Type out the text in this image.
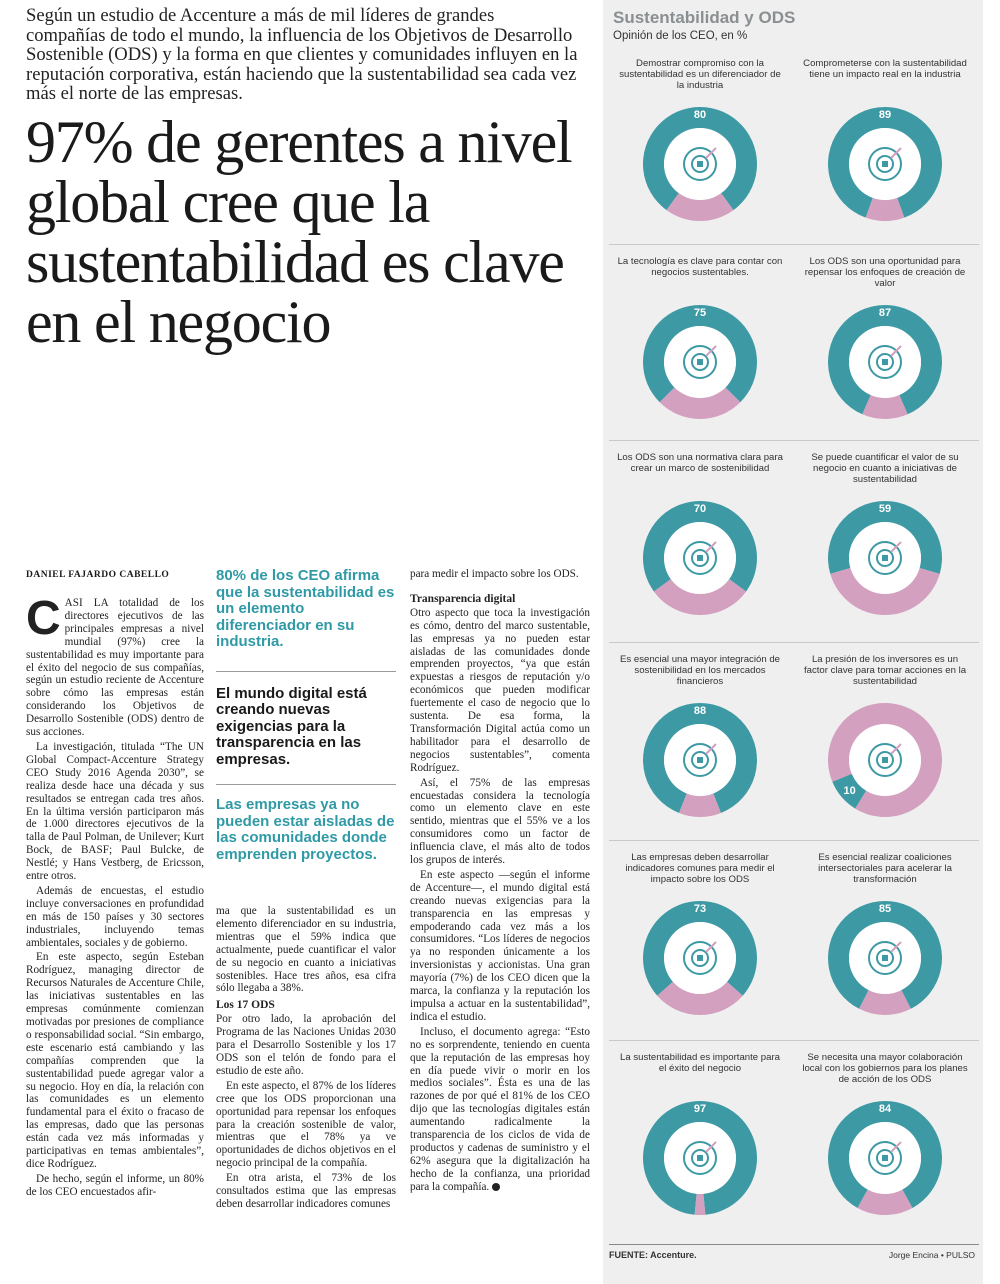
Según un estudio de Accenture a más de mil líderes de grandes compañías de todo el mundo, la influencia de los Objetivos de Desarrollo Sostenible (ODS) y la forma en que clientes y comunidades influyen en la reputación corporativa, están haciendo que la sustentabilidad sea cada vez más el norte de las empresas.
97% de gerentes a nivel global cree que la sustentabilidad es clave en el negocio
DANIEL FAJARDO CABELLO
C ASI LA totalidad de los directores ejecutivos de las principales empresas a nivel mundial (97%) cree la sustentabilidad es muy importante para el éxito del negocio de sus compañías, según un estudio reciente de Accenture sobre cómo las empresas están considerando los Objetivos de Desarrollo Sostenible (ODS) dentro de sus acciones.

La investigación, titulada “The UN Global Compact-Accenture Strategy CEO Study 2016 Agenda 2030”, se realiza desde hace una década y sus resultados se entregan cada tres años. En la última versión participaron más de 1.000 directores ejecutivos de la talla de Paul Polman, de Unilever; Kurt Bock, de BASF; Paul Bulcke, de Nestlé; y Hans Vestberg, de Ericsson, entre otros.

Además de encuestas, el estudio incluye conversaciones en profundidad en más de 150 países y 30 sectores industriales, incluyendo temas ambientales, sociales y de gobierno.

En este aspecto, según Esteban Rodríguez, managing director de Recursos Naturales de Accenture Chile, las iniciativas sustentables en las empresas comúnmente comienzan motivadas por presiones de compliance o responsabilidad social. “Sin embargo, este escenario está cambiando y las compañías comprenden que la sustentabilidad puede agregar valor a su negocio. Hoy en día, la relación con las comunidades es un elemento fundamental para el éxito o fracaso de las empresas, dado que las personas están cada vez más informadas y participativas en temas ambientales”, dice Rodríguez.

De hecho, según el informe, un 80% de los CEO encuestados afir-

80% de los CEO afirma que la sustentabilidad es un elemento diferenciador en su industria.

El mundo digital está creando nuevas exigencias para la transparencia en las empresas.

Las empresas ya no pueden estar aisladas de las comunidades donde emprenden proyectos.

ma que la sustentabilidad es un elemento diferenciador en su industria, mientras que el 59% indica que actualmente, puede cuantificar el valor de su negocio en cuanto a iniciativas sostenibles. Hace tres años, esa cifra sólo llegaba a 38%.

Los 17 ODS

Por otro lado, la aprobación del Programa de las Naciones Unidas 2030 para el Desarrollo Sostenible y los 17 ODS son el telón de fondo para el estudio de este año.

En este aspecto, el 87% de los líderes cree que los ODS proporcionan una oportunidad para repensar los enfoques para la creación sostenible de valor, mientras que el 78% ya ve oportunidades de dichos objetivos en el negocio principal de la compañía.

En otra arista, el 73% de los consultados estima que las empresas deben desarrollar indicadores comunes

para medir el impacto sobre los ODS.

Transparencia digital

Otro aspecto que toca la investigación es cómo, dentro del marco sustentable, las empresas ya no pueden estar aisladas de las comunidades donde emprenden proyectos, “ya que están expuestas a riesgos de reputación y/o económicos que pueden modificar fuertemente el caso de negocio que lo sustenta. De esa forma, la Transformación Digital actúa como un habilitador para el desarrollo de negocios sustentables”, comenta Rodríguez.

Así, el 75% de las empresas encuestadas considera la tecnología como un elemento clave en este sentido, mientras que el 55% ve a los consumidores como un factor de influencia clave, el más alto de todos los grupos de interés.

En este aspecto —según el informe de Accenture—, el mundo digital está creando nuevas exigencias para la transparencia en las empresas y empoderando cada vez más a los consumidores. “Los líderes de negocios ya no responden únicamente a los inversionistas y accionistas. Una gran mayoría (7%) de los CEO dicen que la marca, la confianza y la reputación los impulsa a actuar en la sustentabilidad”, indica el estudio.

Incluso, el documento agrega: “Esto no es sorprendente, teniendo en cuenta que la reputación de las empresas hoy en día puede vivir o morir en los medios sociales”. Ésta es una de las razones de por qué el 81% de los CEO dijo que las tecnologías digitales están aumentando radicalmente la transparencia de los ciclos de vida de productos y cadenas de suministro y el 62% asegura que la digitalización ha hecho de la confianza, una prioridad para la compañía.

Sustentabilidad y ODS
Opinión de los CEO, en %
Demostrar compromiso con la sustentabilidad es un diferenciador de la industria
80
Comprometerse con la sustentabilidad tiene un impacto real en la industria
89
La tecnología es clave para contar con negocios sustentables.
75
Los ODS son una oportunidad para repensar los enfoques de creación de valor
87
Los ODS son una normativa clara para crear un marco de sostenibilidad
70
Se puede cuantificar el valor de su negocio en cuanto a iniciativas de sustentabilidad
59
Es esencial una mayor integración de sostenibilidad en los mercados financieros
88
La presión de los inversores es un factor clave para tomar acciones en la sustentabilidad
10
Las empresas deben desarrollar indicadores comunes para medir el impacto sobre los ODS
73
Es esencial realizar coaliciones intersectoriales para acelerar la transformación
85
La sustentabilidad es importante para el éxito del negocio
97
Se necesita una mayor colaboración local con los gobiernos para los planes de acción de los ODS
84
FUENTE: Accenture.	Jorge Encina • PULSO
